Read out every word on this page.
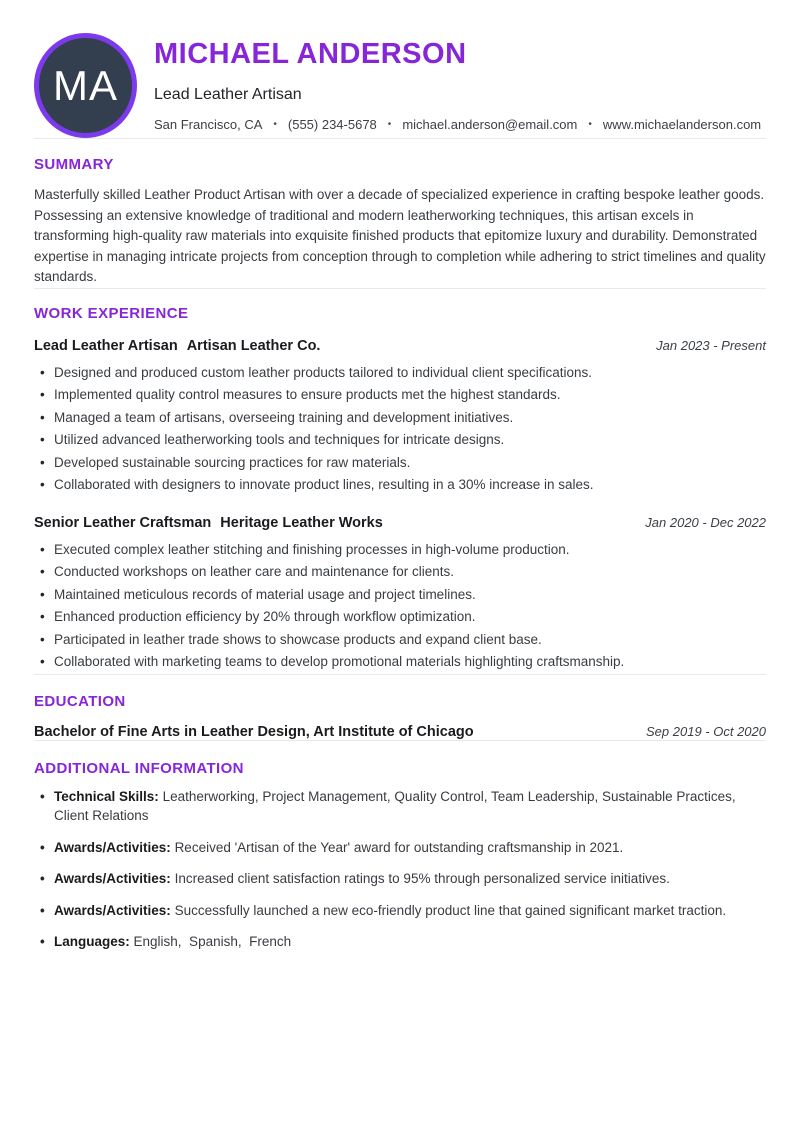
MA
MICHAEL ANDERSON
Lead Leather Artisan
San Francisco, CA • (555) 234-5678 • michael.anderson@email.com • www.michaelanderson.com
SUMMARY

Masterfully skilled Leather Product Artisan with over a decade of specialized experience in crafting bespoke leather goods. Possessing an extensive knowledge of traditional and modern leatherworking techniques, this artisan excels in transforming high-quality raw materials into exquisite finished products that epitomize luxury and durability. Demonstrated expertise in managing intricate projects from conception through to completion while adhering to strict timelines and quality standards.

WORK EXPERIENCE
Lead Leather Artisan Artisan Leather Co.	Jan 2023 - Present
• Designed and produced custom leather products tailored to individual client specifications.
• Implemented quality control measures to ensure products met the highest standards.
• Managed a team of artisans, overseeing training and development initiatives.
• Utilized advanced leatherworking tools and techniques for intricate designs.
• Developed sustainable sourcing practices for raw materials.
• Collaborated with designers to innovate product lines, resulting in a 30% increase in sales.
Senior Leather Craftsman Heritage Leather Works	Jan 2020 - Dec 2022
• Executed complex leather stitching and finishing processes in high-volume production.
• Conducted workshops on leather care and maintenance for clients.
• Maintained meticulous records of material usage and project timelines.
• Enhanced production efficiency by 20% through workflow optimization.
• Participated in leather trade shows to showcase products and expand client base.
• Collaborated with marketing teams to develop promotional materials highlighting craftsmanship.
EDUCATION
Bachelor of Fine Arts in Leather Design, Art Institute of Chicago	Sep 2019 - Oct 2020
ADDITIONAL INFORMATION
• Technical Skills: Leatherworking, Project Management, Quality Control, Team Leadership, Sustainable Practices, Client Relations
• Awards/Activities: Received 'Artisan of the Year' award for outstanding craftsmanship in 2021.
• Awards/Activities: Increased client satisfaction ratings to 95% through personalized service initiatives.
• Awards/Activities: Successfully launched a new eco-friendly product line that gained significant market traction.
• Languages: English,  Spanish,  French
